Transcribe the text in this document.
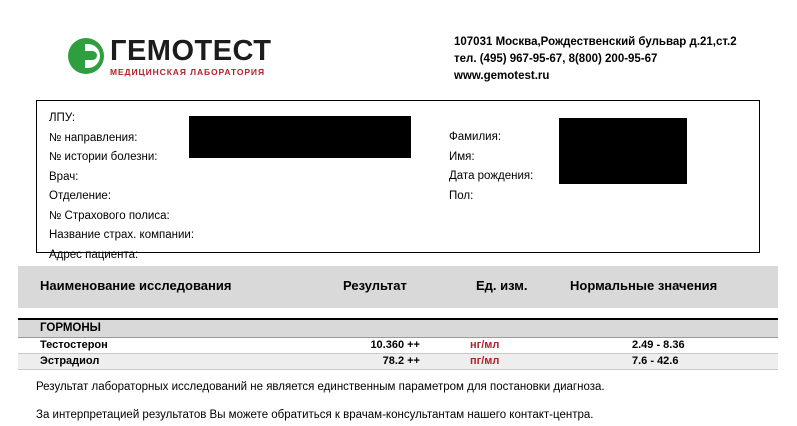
ГЕМОТЕСТ
МЕДИЦИНСКАЯ ЛАБОРАТОРИЯ
107031 Москва,Рождественский бульвар д.21,ст.2
тел. (495) 967-95-67, 8(800) 200-95-67
www.gemotest.ru
ЛПУ:
№ направления:
№ истории болезни:
Врач:
Отделение:
№ Страхового полиса:
Название страх. компании:
Адрес пациента:
Фамилия:
Имя:
Дата рождения:
Пол:
Наименование исследования	Результат	Ед. изм.	Нормальные значения
ГОРМОНЫ
Тестостерон	10.360 ++	нг/мл	2.49 - 8.36
Эстрадиол	78.2 ++	пг/мл	7.6 - 42.6
Результат лабораторных исследований не является единственным параметром для постановки диагноза.
За интерпретацией результатов Вы можете обратиться к врачам-консультантам нашего контакт-центра.
